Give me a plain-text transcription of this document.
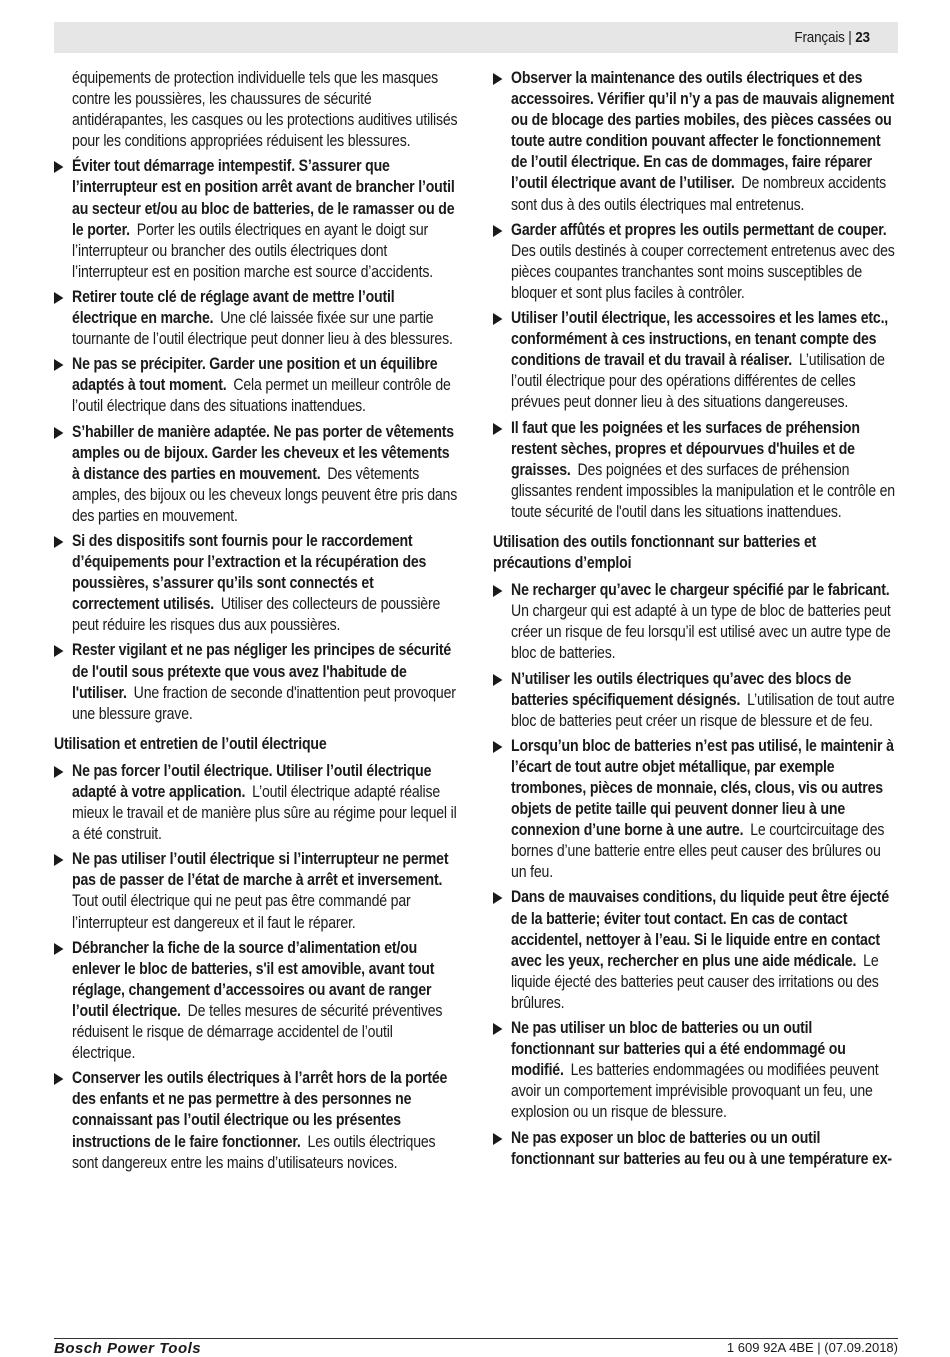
Français | 23

équipements de protection individuelle tels que les masques contre les poussières, les chaussures de sécurité antidérapantes, les casques ou les protections auditives utilisés pour les conditions appropriées réduisent les blessures.

Éviter tout démarrage intempestif. S’assurer que l’interrupteur est en position arrêt avant de brancher l’outil au secteur et/ou au bloc de batteries, de le ramasser ou de le porter.  Porter les outils électriques en ayant le doigt sur l’interrupteur ou brancher des outils électriques dont l’interrupteur est en position marche est source d’accidents.
Retirer toute clé de réglage avant de mettre l’outil électrique en marche.  Une clé laissée fixée sur une partie tournante de l’outil électrique peut donner lieu à des blessures.
Ne pas se précipiter. Garder une position et un équilibre adaptés à tout moment.  Cela permet un meilleur contrôle de l’outil électrique dans des situations inattendues.
S’habiller de manière adaptée. Ne pas porter de vêtements amples ou de bijoux. Garder les cheveux et les vêtements à distance des parties en mouvement.  Des vêtements amples, des bijoux ou les cheveux longs peuvent être pris dans des parties en mouvement.
Si des dispositifs sont fournis pour le raccordement d’équipements pour l’extraction et la récupération des poussières, s’assurer qu’ils sont connectés et correctement utilisés.  Utiliser des collecteurs de poussière peut réduire les risques dus aux poussières.
Rester vigilant et ne pas négliger les principes de sécurité de l'outil sous prétexte que vous avez l'habitude de l'utiliser.  Une fraction de seconde d'inattention peut provoquer une blessure grave.
Utilisation et entretien de l’outil électrique
Ne pas forcer l’outil électrique. Utiliser l’outil électrique adapté à votre application.  L’outil électrique adapté réalise mieux le travail et de manière plus sûre au régime pour lequel il a été construit.
Ne pas utiliser l’outil électrique si l’interrupteur ne permet pas de passer de l’état de marche à arrêt et inversement. Tout outil électrique qui ne peut pas être commandé par l’interrupteur est dangereux et il faut le réparer.
Débrancher la fiche de la source d’alimentation et/ou enlever le bloc de batteries, s'il est amovible, avant tout réglage, changement d’accessoires ou avant de ranger l’outil électrique.  De telles mesures de sécurité préventives réduisent le risque de démarrage accidentel de l’outil électrique.
Conserver les outils électriques à l’arrêt hors de la portée des enfants et ne pas permettre à des personnes ne connaissant pas l’outil électrique ou les présentes instructions de le faire fonctionner.  Les outils électriques sont dangereux entre les mains d’utilisateurs novices.
Observer la maintenance des outils électriques et des accessoires. Vérifier qu’il n’y a pas de mauvais alignement ou de blocage des parties mobiles, des pièces cassées ou toute autre condition pouvant affecter le fonctionnement de l’outil électrique. En cas de dommages, faire réparer l’outil électrique avant de l’utiliser.  De nombreux accidents sont dus à des outils électriques mal entretenus.
Garder affûtés et propres les outils permettant de couper. Des outils destinés à couper correctement entretenus avec des pièces coupantes tranchantes sont moins susceptibles de bloquer et sont plus faciles à contrôler.
Utiliser l’outil électrique, les accessoires et les lames etc., conformément à ces instructions, en tenant compte des conditions de travail et du travail à réaliser.  L’utilisation de l’outil électrique pour des opérations différentes de celles prévues peut donner lieu à des situations dangereuses.
Il faut que les poignées et les surfaces de préhension restent sèches, propres et dépourvues d'huiles et de graisses.  Des poignées et des surfaces de préhension glissantes rendent impossibles la manipulation et le contrôle en toute sécurité de l'outil dans les situations inattendues.
Utilisation des outils fonctionnant sur batteries et précautions d’emploi
Ne recharger qu’avec le chargeur spécifié par le fabricant. Un chargeur qui est adapté à un type de bloc de batteries peut créer un risque de feu lorsqu’il est utilisé avec un autre type de bloc de batteries.
N’utiliser les outils électriques qu’avec des blocs de batteries spécifiquement désignés.  L’utilisation de tout autre bloc de batteries peut créer un risque de blessure et de feu.
Lorsqu’un bloc de batteries n’est pas utilisé, le maintenir à l’écart de tout autre objet métallique, par exemple trombones, pièces de monnaie, clés, clous, vis ou autres objets de petite taille qui peuvent donner lieu à une connexion d’une borne à une autre.  Le courtcircuitage des bornes d’une batterie entre elles peut causer des brûlures ou un feu.
Dans de mauvaises conditions, du liquide peut être éjecté de la batterie; éviter tout contact. En cas de contact accidentel, nettoyer à l’eau. Si le liquide entre en contact avec les yeux, rechercher en plus une aide médicale.  Le liquide éjecté des batteries peut causer des irritations ou des brûlures.
Ne pas utiliser un bloc de batteries ou un outil fonctionnant sur batteries qui a été endommagé ou modifié.  Les batteries endommagées ou modifiées peuvent avoir un comportement imprévisible provoquant un feu, une explosion ou un risque de blessure.
Ne pas exposer un bloc de batteries ou un outil fonctionnant sur batteries au feu ou à une température ex-
Bosch Power Tools	1 609 92A 4BE | (07.09.2018)
